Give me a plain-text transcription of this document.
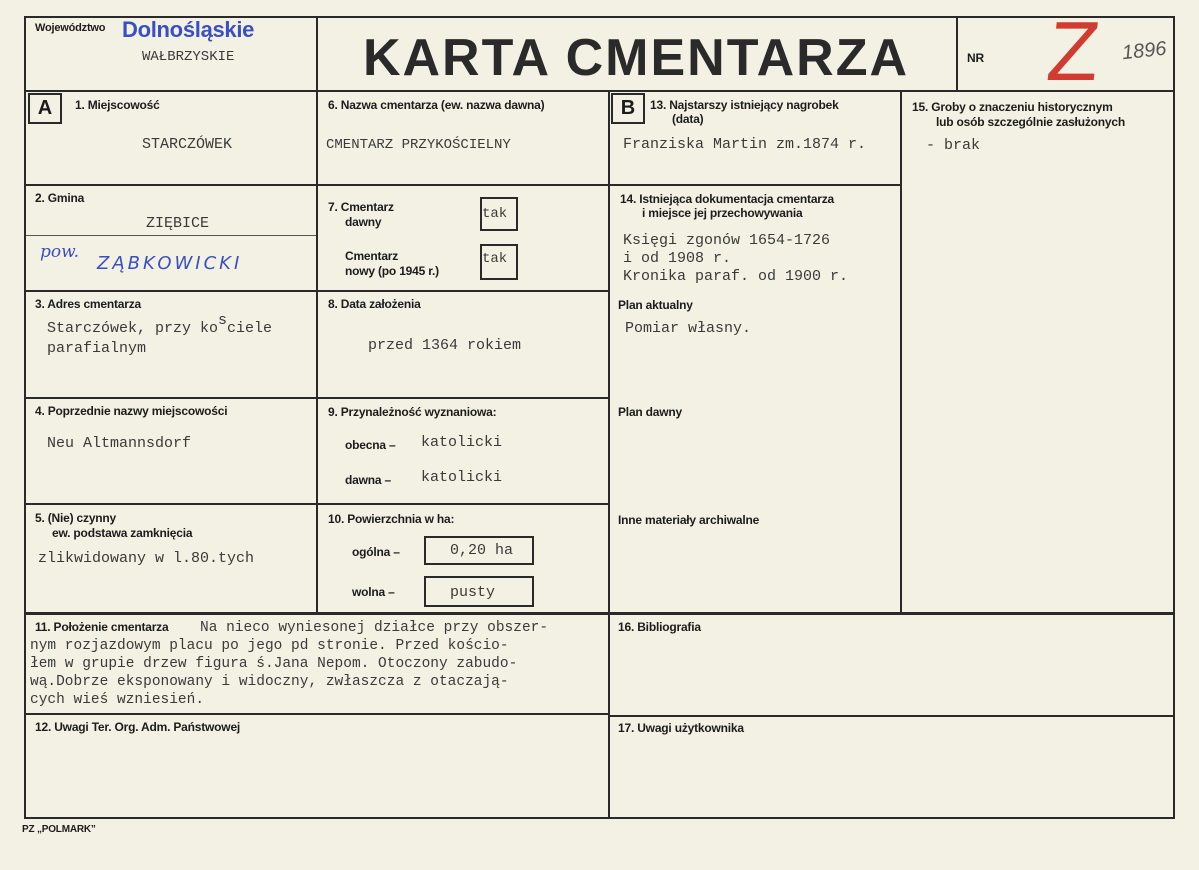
Województwo Dolnośląskie
WAŁBRZYSKIE	KARTA CMENTARZA	NR Z 1896
A	B
1. Miejscowość
STARCZÓWEK
2. Gmina
ZIĘBICE
pow.
ZĄBKOWICKI
3. Adres cmentarza
Starczówek, przy kosciele
parafialnym
4. Poprzednie nazwy miejscowości
Neu Altmannsdorf
5. (Nie) czynny
ew. podstawa zamknięcia
zlikwidowany w l.80.tych
6. Nazwa cmentarza (ew. nazwa dawna)
CMENTARZ PRZYKOŚCIELNY
7. Cmentarz
dawny	tak
Cmentarz
nowy (po 1945 r.)
tak
8. Data założenia
przed 1364 rokiem
9. Przynależność wyznaniowa:
obecna – katolicki
dawna – katolicki
10. Powierzchnia w ha:
ogólna –	0,20 ha
wolna –	pusty
13. Najstarszy istniejący nagrobek
(data)
Franziska Martin zm.1874 r.
14. Istniejąca dokumentacja cmentarza
i miejsce jej przechowywania
Księgi zgonów 1654-1726
i od 1908 r.
Kronika paraf. od 1900 r.
Plan aktualny
Pomiar własny.
Plan dawny
Inne materiały archiwalne
15. Groby o znaczeniu historycznym
lub osób szczególnie zasłużonych
- brak
11. Położenie cmentarza Na nieco wyniesonej działce przy obszer-
nym rozjazdowym placu po jego pd stronie. Przed kościo-
łem w grupie drzew figura ś.Jana Nepom. Otoczony zabudo-
wą.Dobrze eksponowany i widoczny, zwłaszcza z otaczają-
cych wieś wzniesień.
16. Bibliografia
12. Uwagi Ter. Org. Adm. Państwowej	17. Uwagi użytkownika
PZ „POLMARK”
